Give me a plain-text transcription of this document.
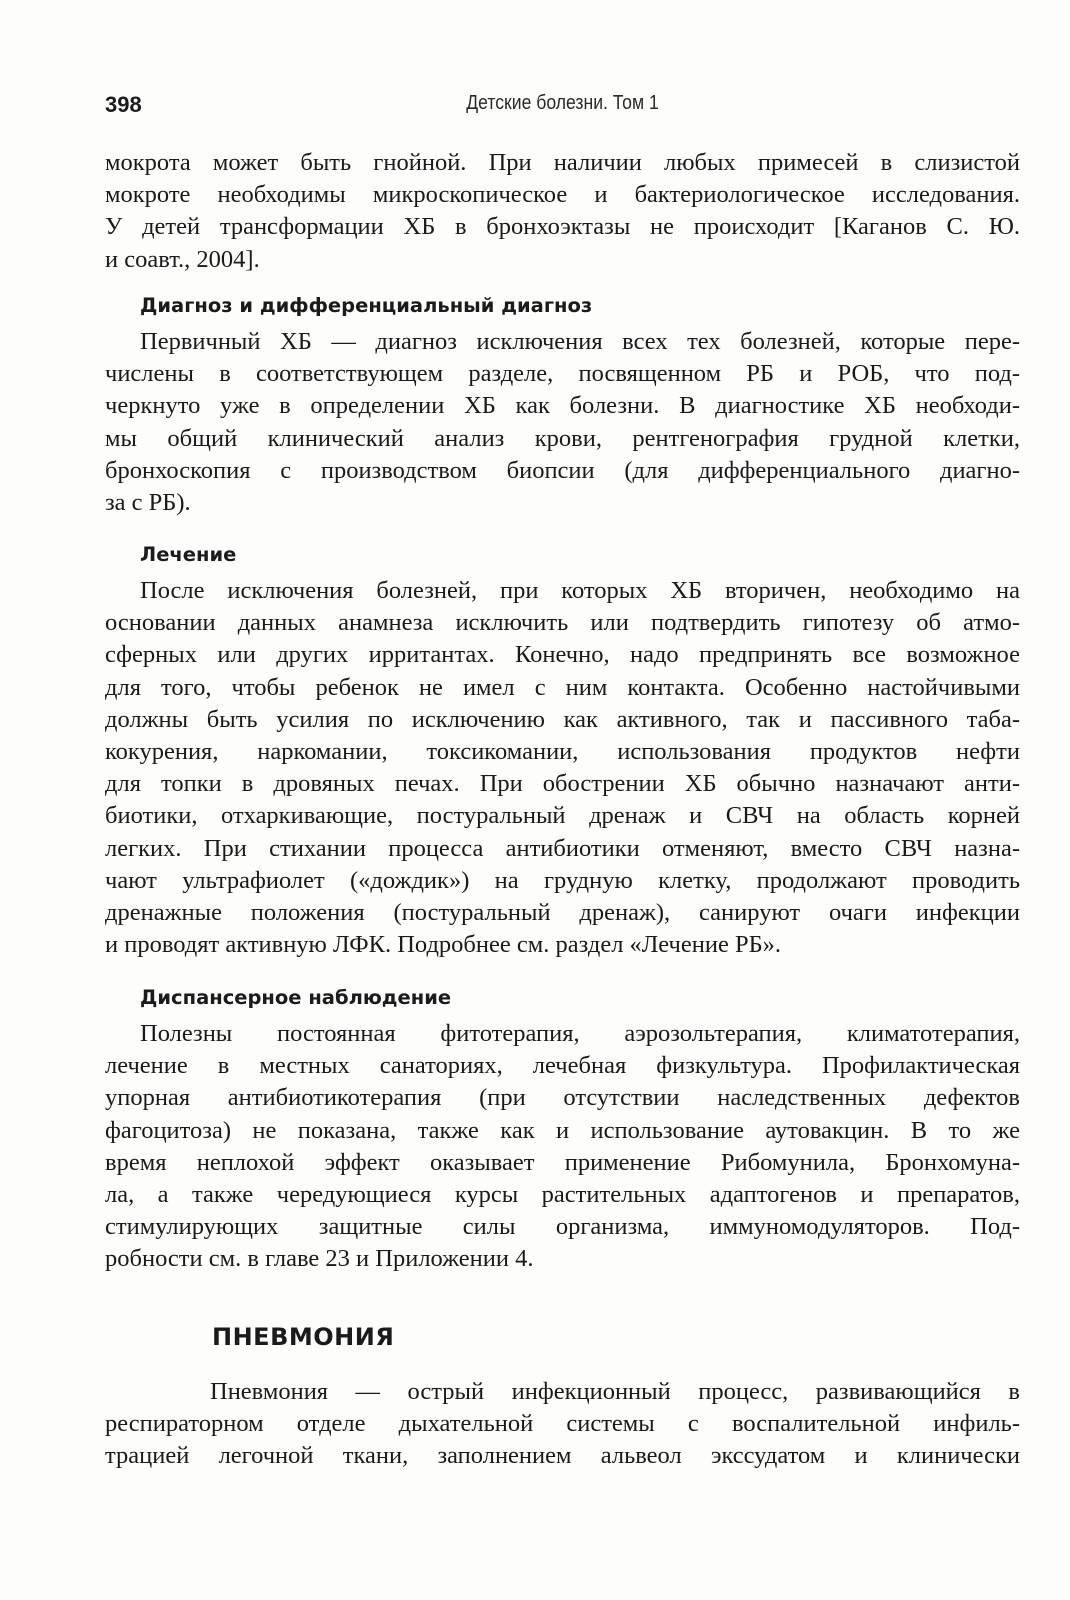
398	Детские болезни. Том 1
мокрота может быть гнойной. При наличии любых примесей в слизистой
мокроте необходимы микроскопическое и бактериологическое исследования.
У детей трансформации ХБ в бронхоэктазы не происходит [Каганов С. Ю.
и соавт., 2004].
Диагноз и дифференциальный диагноз
Первичный ХБ — диагноз исключения всех тех болезней, которые пере-
числены в соответствующем разделе, посвященном РБ и РОБ, что под-
черкнуто уже в определении ХБ как болезни. В диагностике ХБ необходи-
мы общий клинический анализ крови, рентгенография грудной клетки,
бронхоскопия с производством биопсии (для дифференциального диагно-
за с РБ).
Лечение
После исключения болезней, при которых ХБ вторичен, необходимо на
основании данных анамнеза исключить или подтвердить гипотезу об атмо-
сферных или других ирритантах. Конечно, надо предпринять все возможное
для того, чтобы ребенок не имел с ним контакта. Особенно настойчивыми
должны быть усилия по исключению как активного, так и пассивного таба-
кокурения, наркомании, токсикомании, использования продуктов нефти
для топки в дровяных печах. При обострении ХБ обычно назначают анти-
биотики, отхаркивающие, постуральный дренаж и СВЧ на область корней
легких. При стихании процесса антибиотики отменяют, вместо СВЧ назна-
чают ультрафиолет («дождик») на грудную клетку, продолжают проводить
дренажные положения (постуральный дренаж), санируют очаги инфекции
и проводят активную ЛФК. Подробнее см. раздел «Лечение РБ».
Диспансерное наблюдение
Полезны постоянная фитотерапия, аэрозольтерапия, климатотерапия,
лечение в местных санаториях, лечебная физкультура. Профилактическая
упорная антибиотикотерапия (при отсутствии наследственных дефектов
фагоцитоза) не показана, также как и использование аутовакцин. В то же
время неплохой эффект оказывает применение Рибомунила, Бронхомуна-
ла, а также чередующиеся курсы растительных адаптогенов и препаратов,
стимулирующих защитные силы организма, иммуномодуляторов. Под-
робности см. в главе 23 и Приложении 4.
ПНЕВМОНИЯ
Пневмония — острый инфекционный процесс, развивающийся в
респираторном отделе дыхательной системы с воспалительной инфиль-
трацией легочной ткани, заполнением альвеол экссудатом и клинически
